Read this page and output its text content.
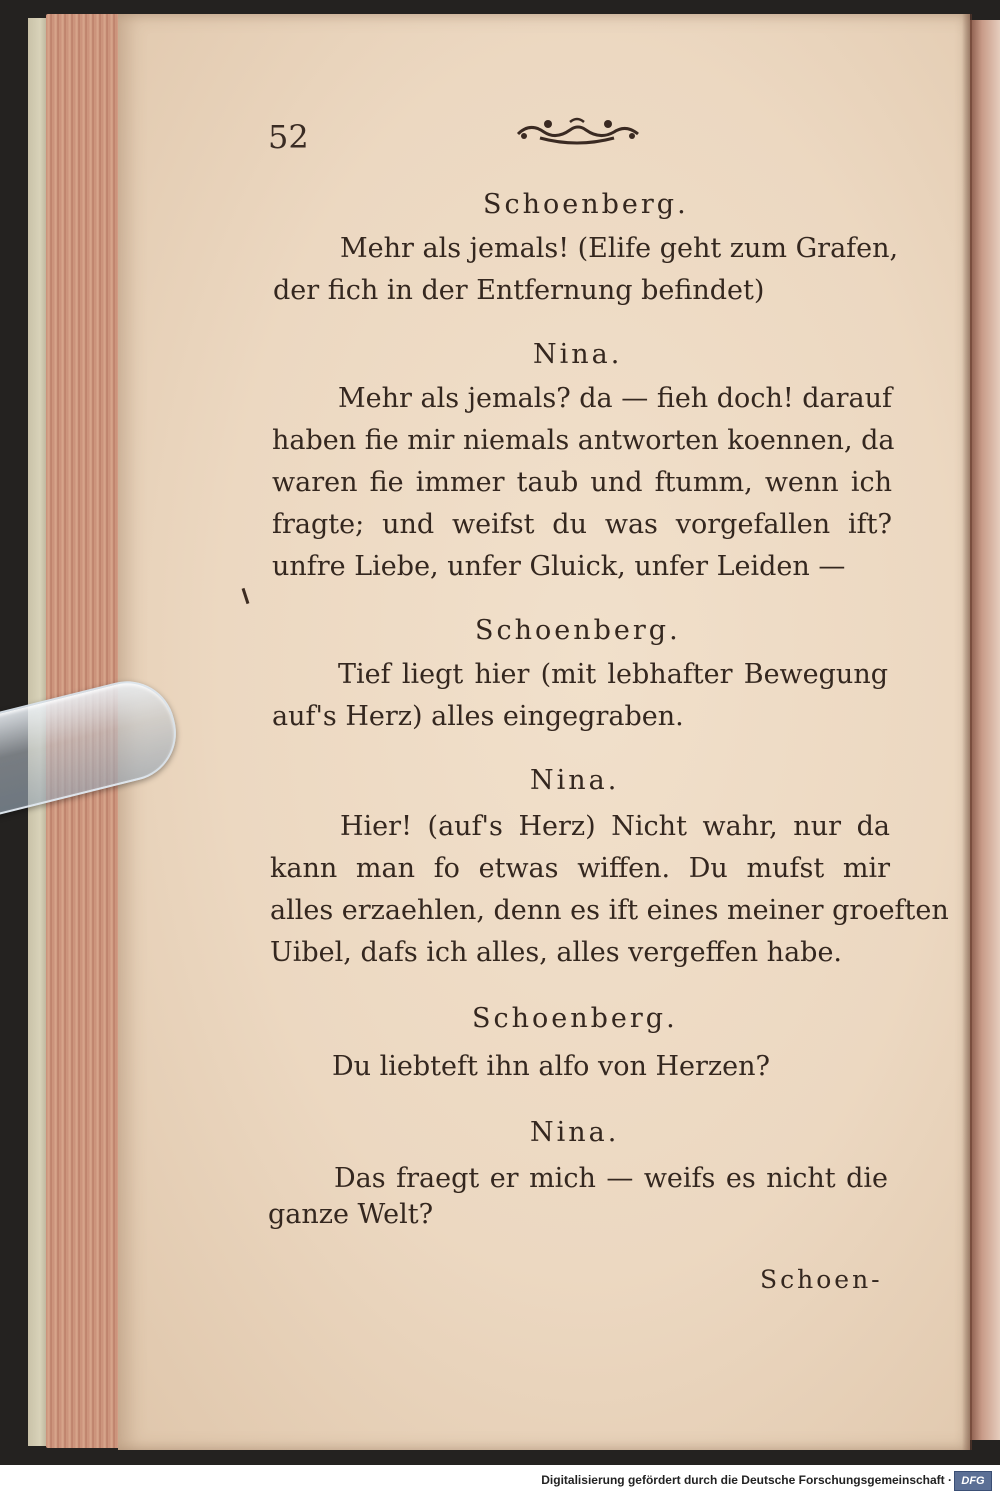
52
Schoenberg.
Mehr als jemals! (Elife geht zum Grafen,
der fich in der Entfernung befindet)
Nina.
Mehr als jemals? da — fieh doch! darauf
haben fie mir niemals antworten koennen, da
waren fie immer taub und ftumm, wenn ich
fragte; und weifst du was vorgefallen ift?
unfre Liebe, unfer Gluick, unfer Leiden —
Schoenberg.
Tief liegt hier (mit lebhafter Bewegung
auf's Herz) alles eingegraben.
Nina.
Hier! (auf's Herz) Nicht wahr, nur da
kann man fo etwas wiffen. Du mufst mir
alles erzaehlen, denn es ift eines meiner groeften
Uibel, dafs ich alles, alles vergeffen habe.
Schoenberg.
Du liebteft ihn alfo von Herzen?
Nina.
Das fraegt er mich — weifs es nicht die
ganze Welt?
Schoen-
Digitalisierung gefördert durch die Deutsche Forschungsgemeinschaft · DFG
